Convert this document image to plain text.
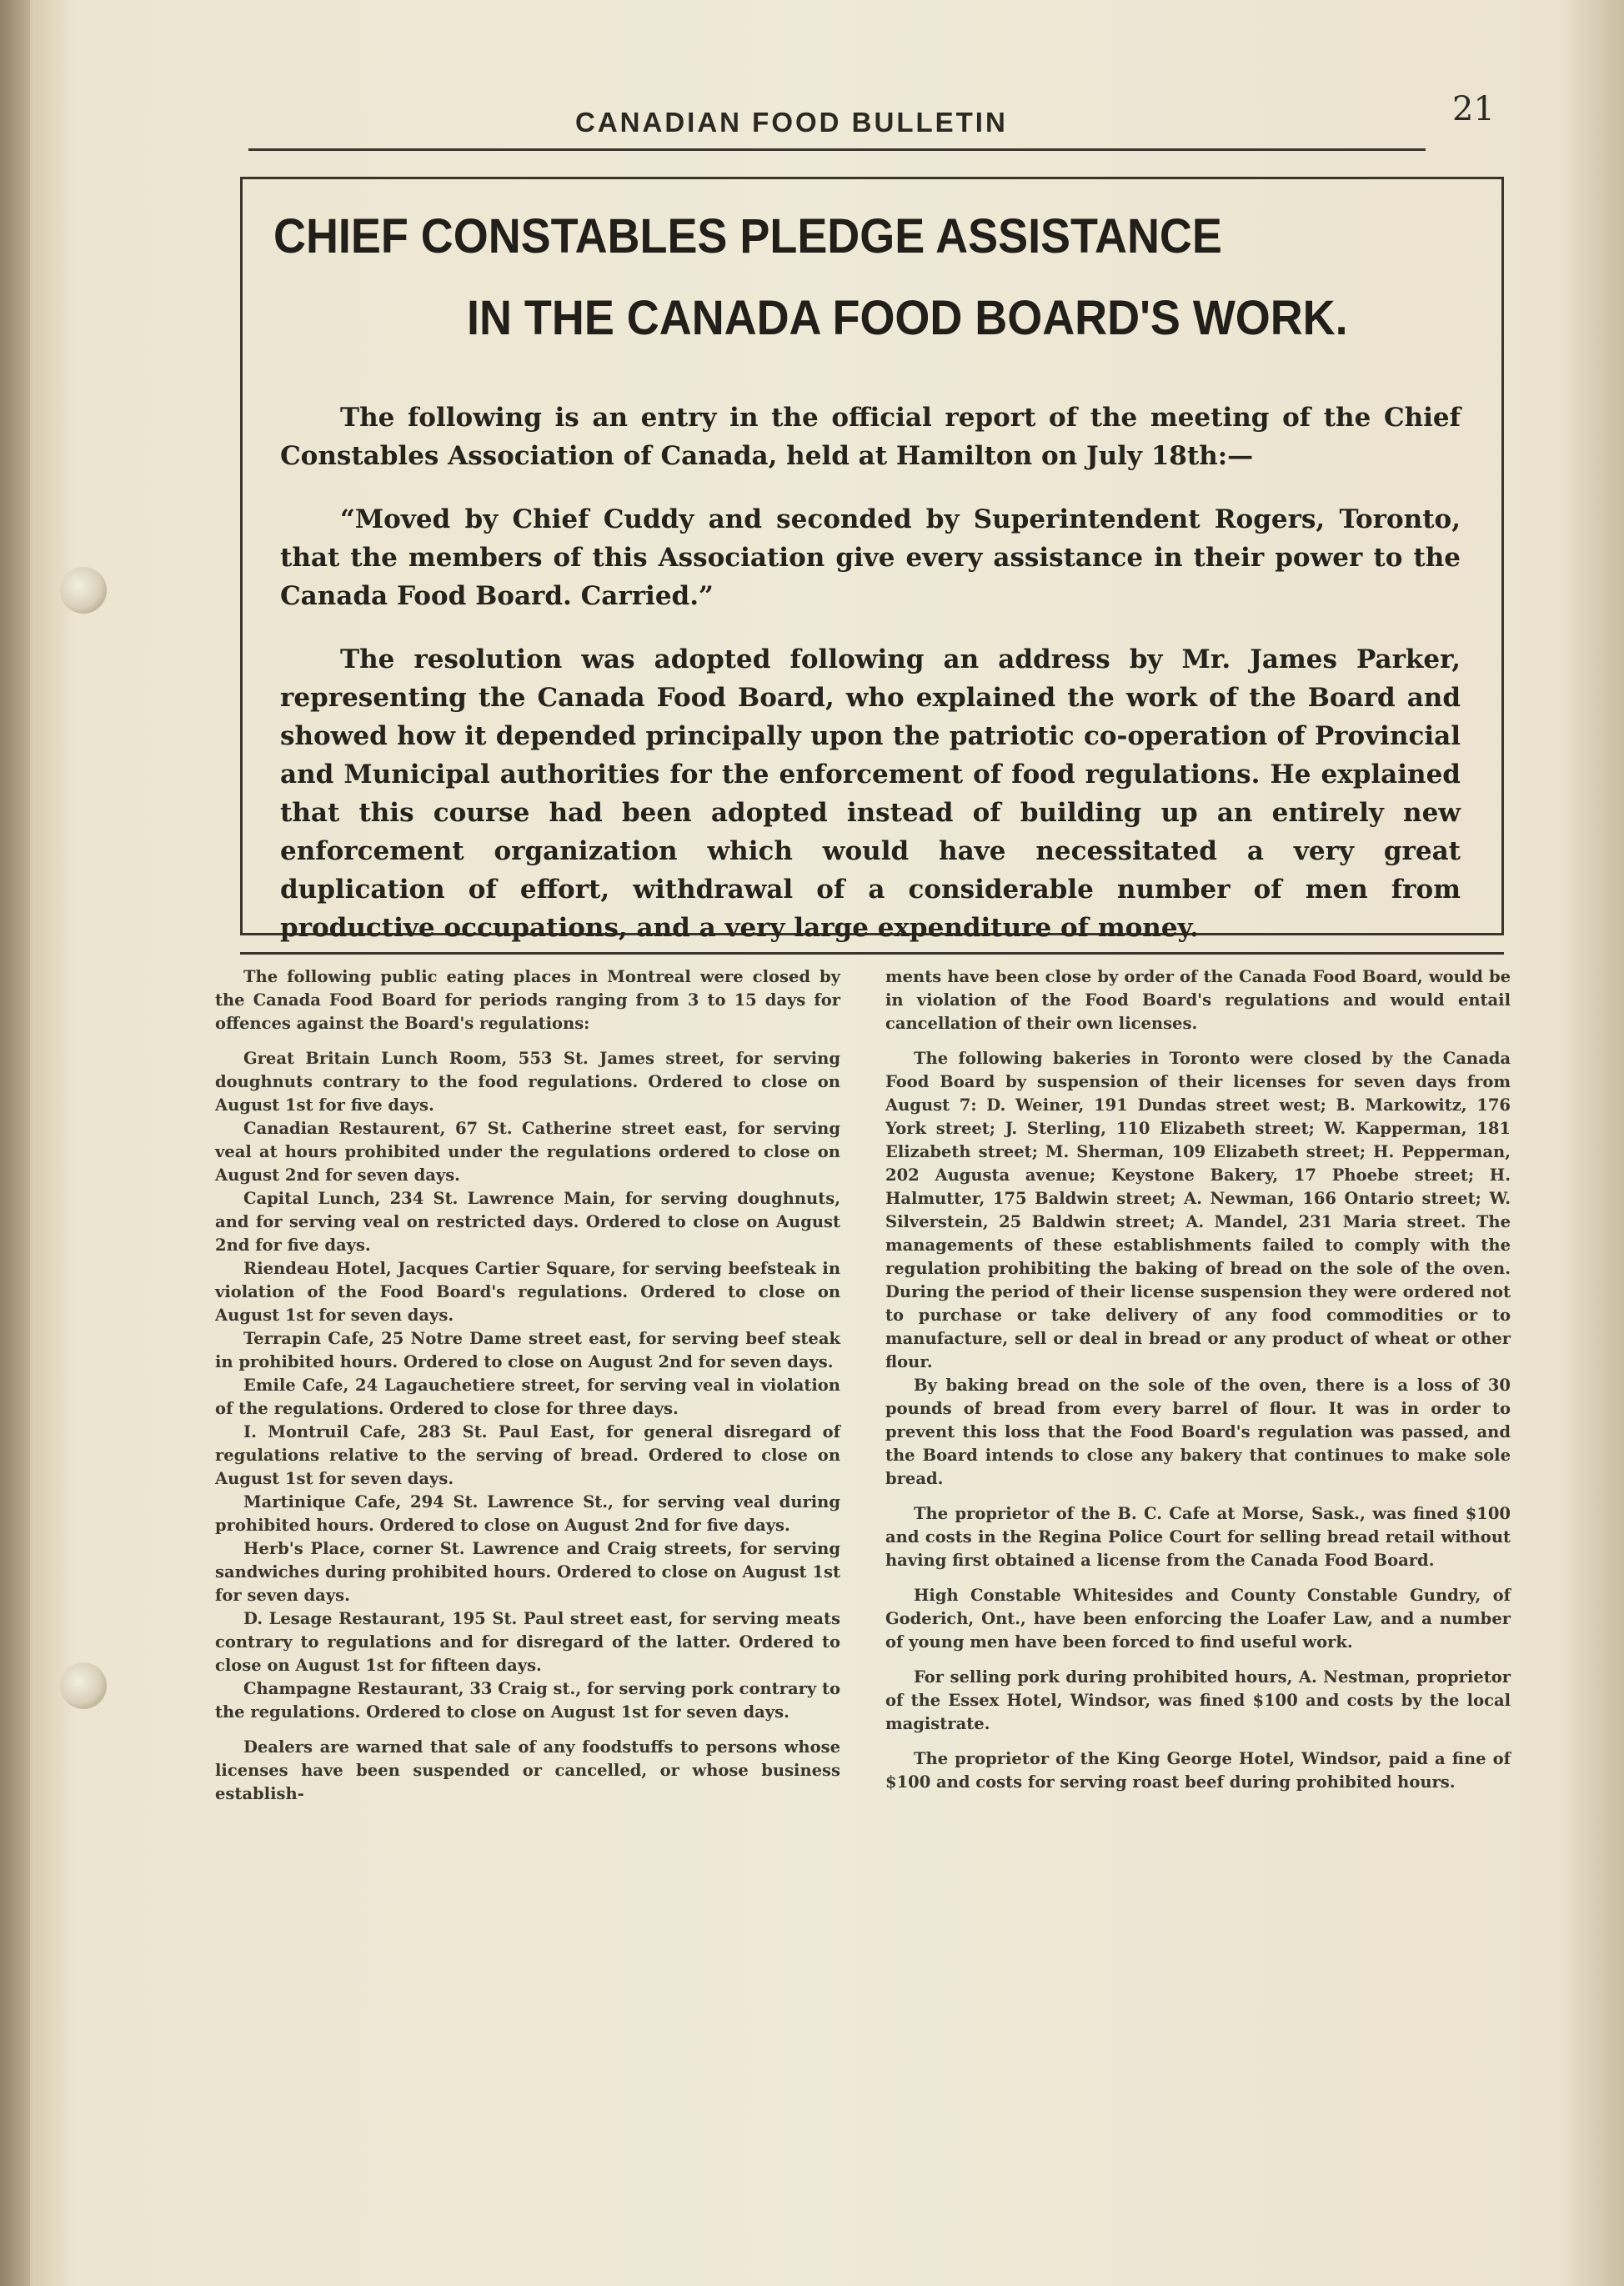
CANADIAN FOOD BULLETIN	21
CHIEF CONSTABLES PLEDGE ASSISTANCE
IN THE CANADA FOOD BOARD'S WORK.

The following is an entry in the official report of the meeting of the Chief Constables Association of Canada, held at Hamilton on July 18th:—

“Moved by Chief Cuddy and seconded by Superintendent Rogers, Toronto, that the members of this Association give every assistance in their power to the Canada Food Board. Carried.”

The resolution was adopted following an address by Mr. James Parker, representing the Canada Food Board, who explained the work of the Board and showed how it depended principally upon the patriotic co-operation of Provincial and Municipal authorities for the enforcement of food regulations. He explained that this course had been adopted instead of building up an entirely new enforcement organization which would have necessitated a very great duplication of effort, withdrawal of a considerable number of men from productive occupations, and a very large expenditure of money.

The following public eating places in Montreal were closed by the Canada Food Board for periods ranging from 3 to 15 days for offences against the Board's regulations:

Great Britain Lunch Room, 553 St. James street, for serving doughnuts contrary to the food regulations. Ordered to close on August 1st for five days.

Canadian Restaurent, 67 St. Catherine street east, for serving veal at hours prohibited under the regulations ordered to close on August 2nd for seven days.

Capital Lunch, 234 St. Lawrence Main, for serving doughnuts, and for serving veal on restricted days. Ordered to close on August 2nd for five days.

Riendeau Hotel, Jacques Cartier Square, for serving beefsteak in violation of the Food Board's regulations. Ordered to close on August 1st for seven days.

Terrapin Cafe, 25 Notre Dame street east, for serving beef steak in prohibited hours. Ordered to close on August 2nd for seven days.

Emile Cafe, 24 Lagauchetiere street, for serving veal in violation of the regulations. Ordered to close for three days.

I. Montruil Cafe, 283 St. Paul East, for general disregard of regulations relative to the serving of bread. Ordered to close on August 1st for seven days.

Martinique Cafe, 294 St. Lawrence St., for serving veal during prohibited hours. Ordered to close on August 2nd for five days.

Herb's Place, corner St. Lawrence and Craig streets, for serving sandwiches during prohibited hours. Ordered to close on August 1st for seven days.

D. Lesage Restaurant, 195 St. Paul street east, for serving meats contrary to regulations and for disregard of the latter. Ordered to close on August 1st for fifteen days.

Champagne Restaurant, 33 Craig st., for serving pork contrary to the regulations. Ordered to close on August 1st for seven days.

Dealers are warned that sale of any foodstuffs to persons whose licenses have been suspended or cancelled, or whose business establish-

ments have been close by order of the Canada Food Board, would be in violation of the Food Board's regulations and would entail cancellation of their own licenses.

The following bakeries in Toronto were closed by the Canada Food Board by suspension of their licenses for seven days from August 7: D. Weiner, 191 Dundas street west; B. Markowitz, 176 York street; J. Sterling, 110 Elizabeth street; W. Kapperman, 181 Elizabeth street; M. Sherman, 109 Elizabeth street; H. Pepperman, 202 Augusta avenue; Keystone Bakery, 17 Phoebe street; H. Halmutter, 175 Baldwin street; A. Newman, 166 Ontario street; W. Silverstein, 25 Baldwin street; A. Mandel, 231 Maria street. The managements of these establishments failed to comply with the regulation prohibiting the baking of bread on the sole of the oven. During the period of their license suspension they were ordered not to purchase or take delivery of any food commodities or to manufacture, sell or deal in bread or any product of wheat or other flour.

By baking bread on the sole of the oven, there is a loss of 30 pounds of bread from every barrel of flour. It was in order to prevent this loss that the Food Board's regulation was passed, and the Board intends to close any bakery that continues to make sole bread.

The proprietor of the B. C. Cafe at Morse, Sask., was fined $100 and costs in the Regina Police Court for selling bread retail without having first obtained a license from the Canada Food Board.

High Constable Whitesides and County Constable Gundry, of Goderich, Ont., have been enforcing the Loafer Law, and a number of young men have been forced to find useful work.

For selling pork during prohibited hours, A. Nestman, proprietor of the Essex Hotel, Windsor, was fined $100 and costs by the local magistrate.

The proprietor of the King George Hotel, Windsor, paid a fine of $100 and costs for serving roast beef during prohibited hours.
